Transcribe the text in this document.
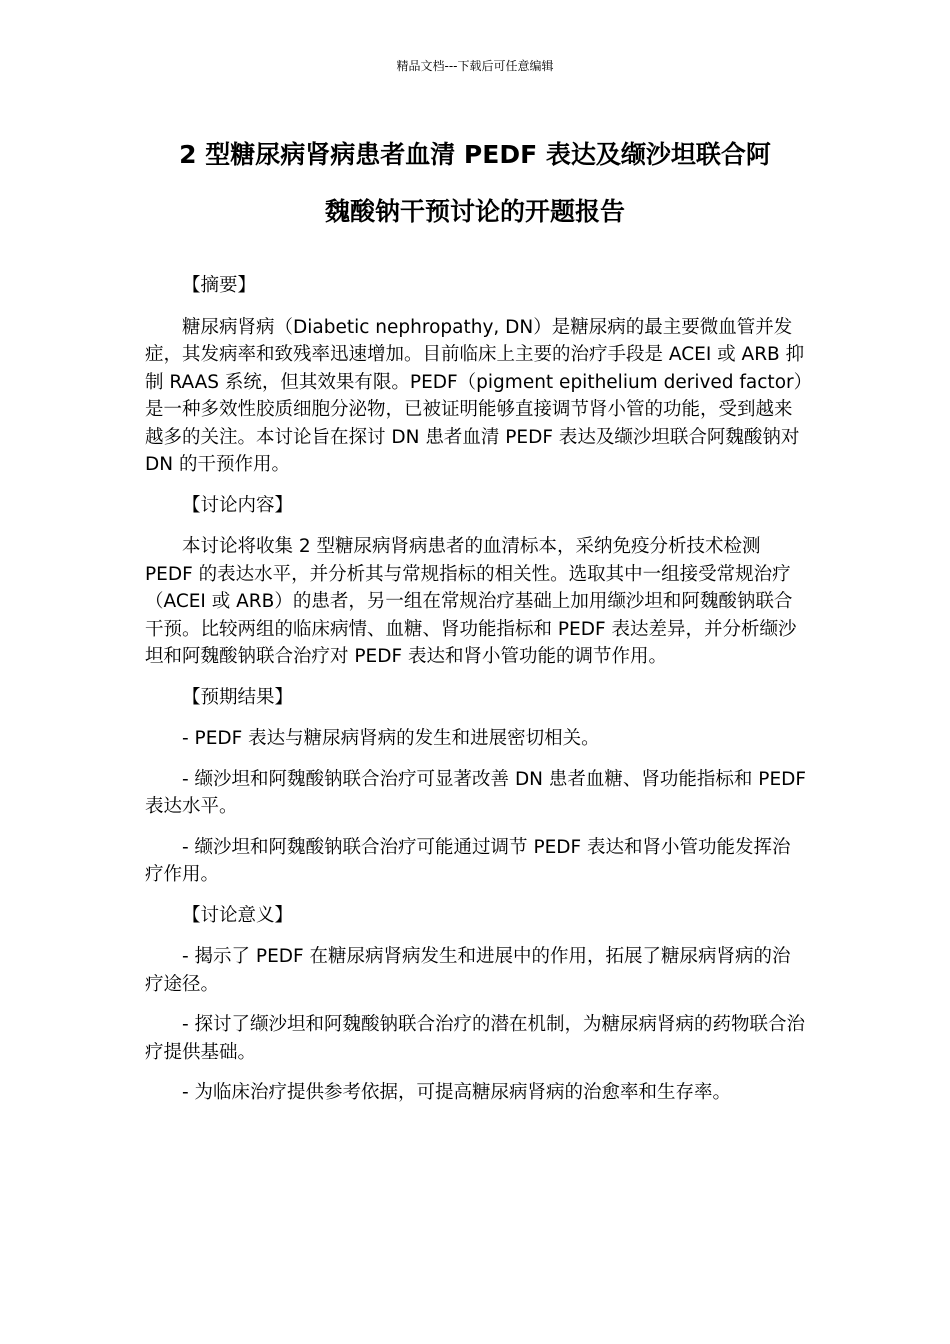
精品文档---下载后可任意编辑
2 型糖尿病肾病患者血清 PEDF 表达及缬沙坦联合阿
魏酸钠干预讨论的开题报告

【摘要】

糖尿病肾病（Diabetic nephropathy, DN）是糖尿病的最主要微血管并发症，其发病率和致残率迅速增加。目前临床上主要的治疗手段是 ACEI 或 ARB 抑制 RAAS 系统，但其效果有限。PEDF（pigment epithelium derived factor）是一种多效性胶质细胞分泌物，已被证明能够直接调节肾小管的功能，受到越来越多的关注。本讨论旨在探讨 DN 患者血清 PEDF 表达及缬沙坦联合阿魏酸钠对 DN 的干预作用。

【讨论内容】

本讨论将收集 2 型糖尿病肾病患者的血清标本，采纳免疫分析技术检测 PEDF 的表达水平，并分析其与常规指标的相关性。选取其中一组接受常规治疗（ACEI 或 ARB）的患者，另一组在常规治疗基础上加用缬沙坦和阿魏酸钠联合干预。比较两组的临床病情、血糖、肾功能指标和 PEDF 表达差异，并分析缬沙坦和阿魏酸钠联合治疗对 PEDF 表达和肾小管功能的调节作用。

【预期结果】

- PEDF 表达与糖尿病肾病的发生和进展密切相关。

- 缬沙坦和阿魏酸钠联合治疗可显著改善 DN 患者血糖、肾功能指标和 PEDF 表达水平。

- 缬沙坦和阿魏酸钠联合治疗可能通过调节 PEDF 表达和肾小管功能发挥治疗作用。

【讨论意义】

- 揭示了 PEDF 在糖尿病肾病发生和进展中的作用，拓展了糖尿病肾病的治疗途径。

- 探讨了缬沙坦和阿魏酸钠联合治疗的潜在机制，为糖尿病肾病的药物联合治疗提供基础。

- 为临床治疗提供参考依据，可提高糖尿病肾病的治愈率和生存率。
